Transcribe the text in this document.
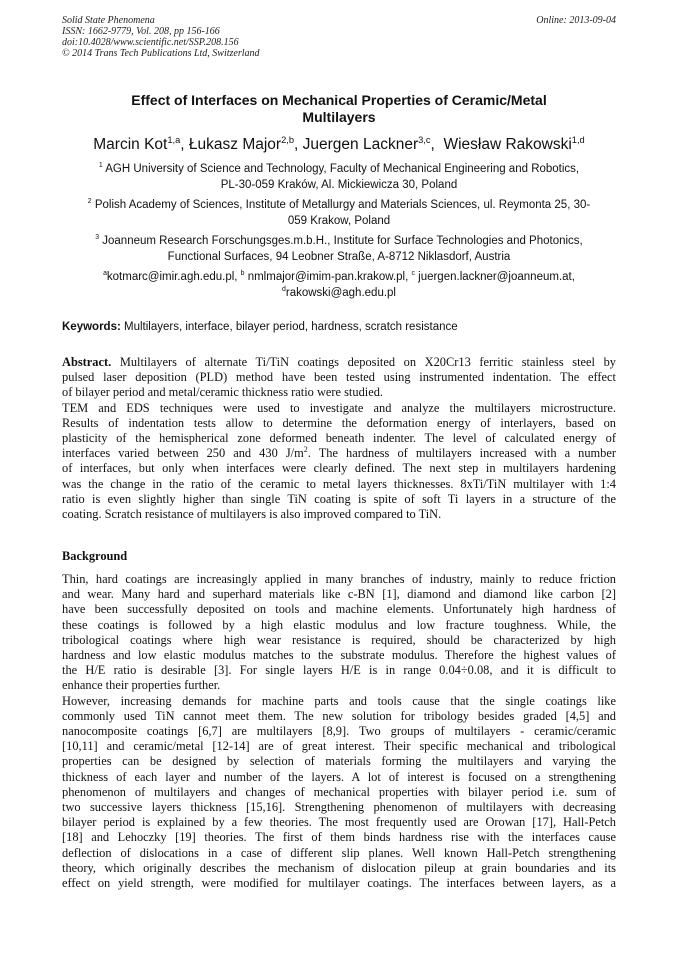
Solid State Phenomena
ISSN: 1662-9779, Vol. 208, pp 156-166
doi:10.4028/www.scientific.net/SSP.208.156
© 2014 Trans Tech Publications Ltd, Switzerland
Online: 2013-09-04
Effect of Interfaces on Mechanical Properties of Ceramic/Metal
Multilayers
Marcin Kot$^{1,a}$, Łukasz Major$^{2,b}$, Juergen Lackner$^{3,c}$,  Wiesław Rakowski$^{1,d}$
$^1$ AGH University of Science and Technology, Faculty of Mechanical Engineering and Robotics,
PL-30-059 Kraków, Al. Mickiewicza 30, Poland
$^2$ Polish Academy of Sciences, Institute of Metallurgy and Materials Sciences, ul. Reymonta 25, 30-
059 Krakow, Poland
$^3$ Joanneum Research Forschungsges.m.b.H., Institute for Surface Technologies and Photonics,
Functional Surfaces, 94 Leobner Straße, A-8712 Niklasdorf, Austria
$^a$kotmarc@imir.agh.edu.pl, $^b$ nmlmajor@imim-pan.krakow.pl, $^c$ juergen.lackner@joanneum.at,
$^d$rakowski@agh.edu.pl
Keywords: Multilayers, interface, bilayer period, hardness, scratch resistance
Abstract. Multilayers of alternate Ti/TiN coatings deposited on X20Cr13 ferritic stainless steel by
pulsed laser deposition (PLD) method have been tested using instrumented indentation. The effect
of bilayer period and metal/ceramic thickness ratio were studied.
TEM and EDS techniques were used to investigate and analyze the multilayers microstructure.
Results of indentation tests allow to determine the deformation energy of interlayers, based on
plasticity of the hemispherical zone deformed beneath indenter. The level of calculated energy of
interfaces varied between 250 and 430 $J/m^2$. The hardness of multilayers increased with a number
of interfaces, but only when interfaces were clearly defined. The next step in multilayers hardening
was the change in the ratio of the ceramic to metal layers thicknesses. 8xTi/TiN multilayer with 1:4
ratio is even slightly higher than single TiN coating is spite of soft Ti layers in a structure of the
coating. Scratch resistance of multilayers is also improved compared to TiN.
Background
Thin, hard coatings are increasingly applied in many branches of industry, mainly to reduce friction
and wear. Many hard and superhard materials like c-BN [1], diamond and diamond like carbon [2]
have been successfully deposited on tools and machine elements. Unfortunately high hardness of
these coatings is followed by a high elastic modulus and low fracture toughness. While, the
tribological coatings where high wear resistance is required, should be characterized by high
hardness and low elastic modulus matches to the substrate modulus. Therefore the highest values of
the H/E ratio is desirable [3]. For single layers H/E is in range 0.04÷0.08, and it is difficult to
enhance their properties further.
However, increasing demands for machine parts and tools cause that the single coatings like
commonly used TiN cannot meet them. The new solution for tribology besides graded [4,5] and
nanocomposite coatings [6,7] are multilayers [8,9]. Two groups of multilayers - ceramic/ceramic
[10,11] and ceramic/metal [12-14] are of great interest. Their specific mechanical and tribological
properties can be designed by selection of materials forming the multilayers and varying the
thickness of each layer and number of the layers. A lot of interest is focused on a strengthening
phenomenon of multilayers and changes of mechanical properties with bilayer period i.e. sum of
two successive layers thickness [15,16]. Strengthening phenomenon of multilayers with decreasing
bilayer period is explained by a few theories. The most frequently used are Orowan [17], Hall-Petch
[18] and Lehoczky [19] theories. The first of them binds hardness rise with the interfaces cause
deflection of dislocations in a case of different slip planes. Well known Hall-Petch strengthening
theory, which originally describes the mechanism of dislocation pileup at grain boundaries and its
effect on yield strength, were modified for multilayer coatings. The interfaces between layers, as a
